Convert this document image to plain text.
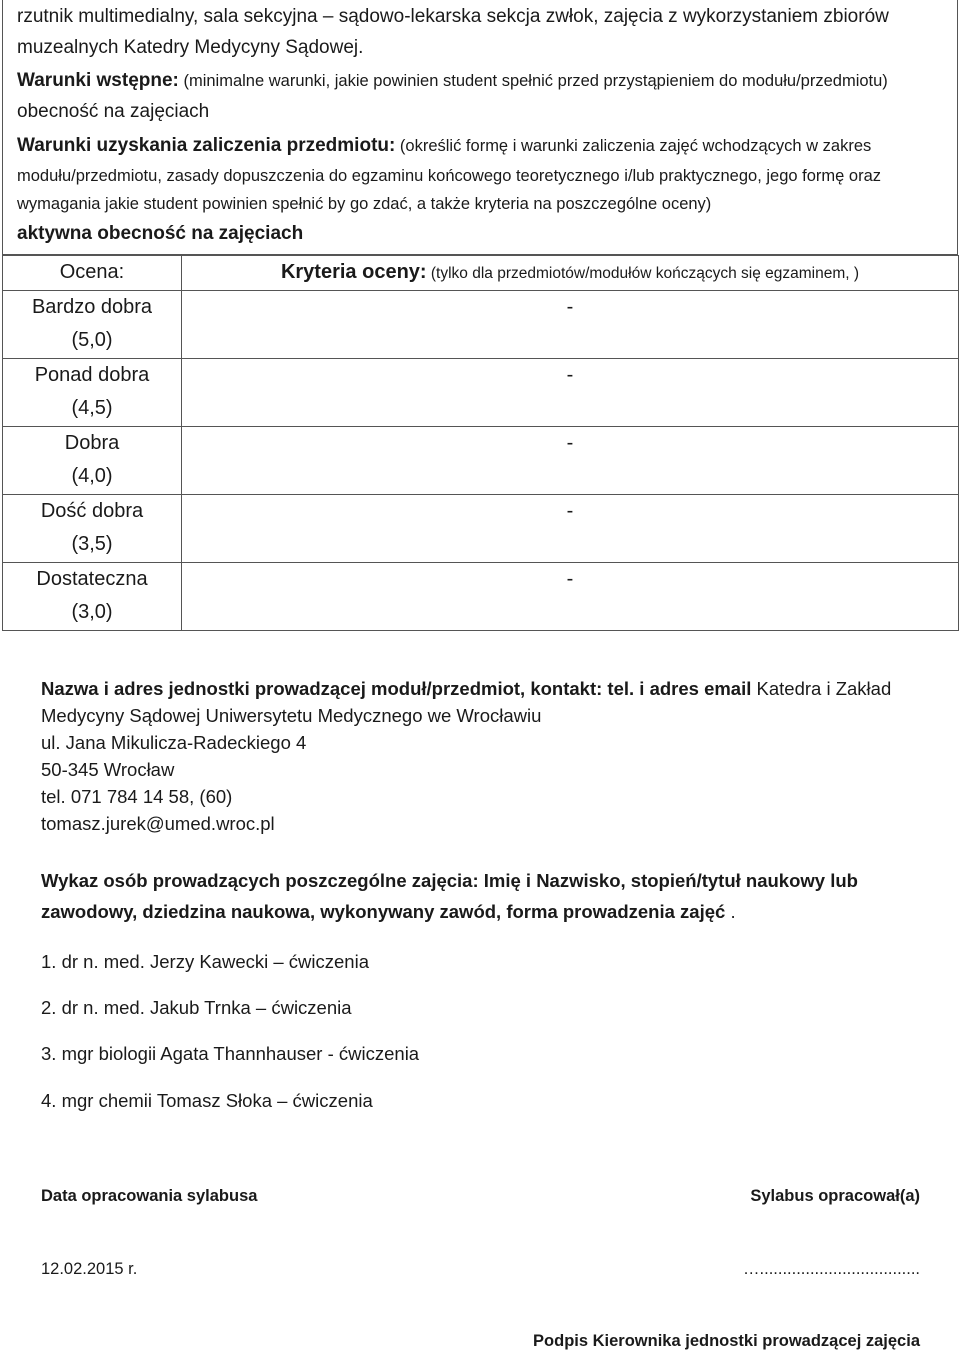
rzutnik multimedialny, sala sekcyjna – sądowo-lekarska sekcja zwłok, zajęcia z wykorzystaniem zbiorów
muzealnych Katedry Medycyny Sądowej.
Warunki wstępne: (minimalne warunki, jakie powinien student spełnić przed przystąpieniem do modułu/przedmiotu)
obecność na zajęciach
Warunki uzyskania zaliczenia przedmiotu: (określić formę i warunki zaliczenia zajęć wchodzących w zakres
modułu/przedmiotu, zasady dopuszczenia do egzaminu końcowego teoretycznego i/lub praktycznego, jego formę oraz
wymagania jakie student powinien spełnić by go zdać, a także kryteria na poszczególne oceny)
aktywna obecność na zajęciach
Ocena:	Kryteria oceny: (tylko dla przedmiotów/modułów kończących się egzaminem, )

Bardzo dobra
(5,0)	-

Ponad dobra
(4,5)	-

Dobra
(4,0)	-

Dość dobra
(3,5)	-

Dostateczna
(3,0)	-
Nazwa i adres jednostki prowadzącej moduł/przedmiot, kontakt: tel. i adres email Katedra i Zakład
Medycyny Sądowej Uniwersytetu Medycznego we Wrocławiu
ul. Jana Mikulicza-Radeckiego 4
50-345 Wrocław
tel. 071 784 14 58, (60)
tomasz.jurek@umed.wroc.pl
Wykaz osób prowadzących poszczególne zajęcia: Imię i Nazwisko, stopień/tytuł naukowy lub
zawodowy, dziedzina naukowa, wykonywany zawód, forma prowadzenia zajęć .
1. dr n. med. Jerzy Kawecki – ćwiczenia
2. dr n. med. Jakub Trnka – ćwiczenia
3. mgr biologii Agata Thannhauser - ćwiczenia
4. mgr chemii Tomasz Słoka – ćwiczenia
Data opracowania sylabusa	Sylabus opracował(a)
12.02.2015 r.	…...................................
Podpis Kierownika jednostki prowadzącej zajęcia
